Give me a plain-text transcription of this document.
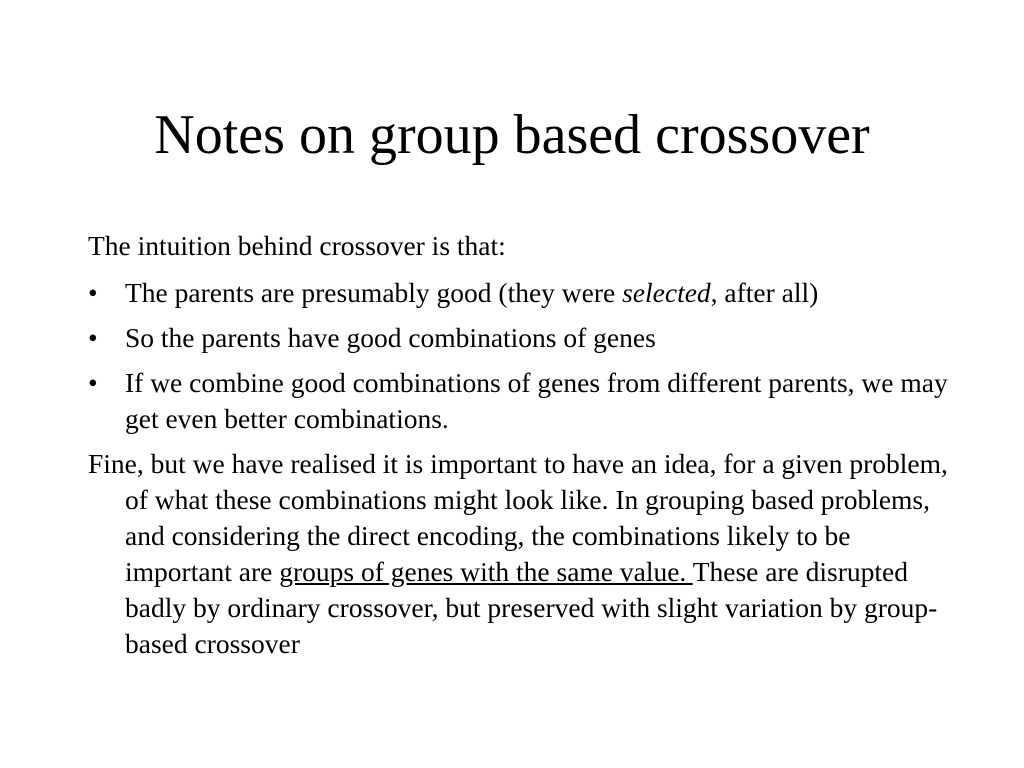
Notes on group based crossover

The intuition behind crossover is that:

• The parents are presumably good (they were selected, after all)
• So the parents have good combinations of genes
• If we combine good combinations of genes from different parents, we may get even better combinations.

Fine, but we have realised it is important to have an idea, for a given problem, of what these combinations might look like. In grouping based problems, and considering the direct encoding, the combinations likely to be important are groups of genes with the same value. These are disrupted badly by ordinary crossover, but preserved with slight variation by group-based crossover
